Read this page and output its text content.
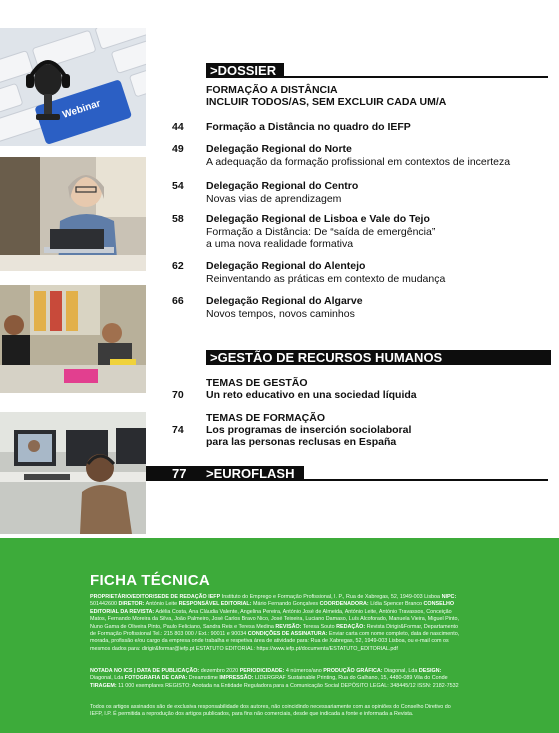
Webinar
>DOSSIER
FORMAÇÃO A DISTÂNCIA
INCLUIR TODOS/AS, SEM EXCLUIR CADA UM/A
44 Formação a Distância no quadro do IEFP
49 Delegação Regional do Norte
A adequação da formação profissional em contextos de incerteza
54 Delegação Regional do Centro
Novas vias de aprendizagem
58 Delegação Regional de Lisboa e Vale do Tejo
Formação a Distância: De “saída de emergência”
a uma nova realidade formativa
62 Delegação Regional do Alentejo
Reinventando as práticas em contexto de mudança
66 Delegação Regional do Algarve
Novos tempos, novos caminhos
>GESTÃO DE RECURSOS HUMANOS
TEMAS DE GESTÃO
70 Un reto educativo en una sociedad líquida
TEMAS DE FORMAÇÃO
74 Los programas de inserción sociolaboral
para las personas reclusas en España
77 >EUROFLASH
FICHA TÉCNICA
PROPRIETÁRIO/EDITOR/SEDE DE REDAÇÃO IEFP Instituto do Emprego e Formação Profissional, I. P., Rua de Xabregas, 52, 1949-003 Lisboa NIPC: 501442600 DIRETOR: António Leite RESPONSÁVEL EDITORIAL: Mário Fernando Gonçalves COORDENADORA: Lídia Spencer Branco CONSELHO EDITORIAL DA REVISTA: Adélia Costa, Ana Cláudia Valente, Angelina Pereira, António José de Almeida, António Leite, António Travassos, Conceição Matos, Fernando Moreira da Silva, João Palmeiro, José Carlos Bravo Nico, José Teixeira, Luciano Damaso, Luís Alcoforado, Manuela Vieira, Miguel Pinto, Nuno Gama de Oliveira Pinto, Paulo Feliciano, Sandra Reis e Teresa Medina REVISÃO: Teresa Souto REDAÇÃO: Revista Dirigir&Formar, Departamento de Formação Profissional Tel.: 215 803 000 / Ext.: 90011 e 90034 CONDIÇÕES DE ASSINATURA: Enviar carta com nome completo, data de nascimento, morada, profissão e/ou cargo da empresa onde trabalha e respetiva área de atividade para: Rua de Xabregas, 52, 1949-003 Lisboa, ou e-mail com os mesmos dados para: dirigir&formar@iefp.pt ESTATUTO EDITORIAL: https://www.iefp.pt/documents/ESTATUTO_EDITORIAL.pdf
NOTADA NO ICS | DATA DE PUBLICAÇÃO: dezembro 2020 PERIODICIDADE: 4 números/ano PRODUÇÃO GRÁFICA: Diagonal, Lda DESIGN: Diagonal, Lda FOTOGRAFIA DE CAPA: Dreamstime IMPRESSÃO: LIDERGRAF Sustainable Printing, Rua do Galhano, 15, 4480-089 Vila do Conde TIRAGEM: 11 000 exemplares REGISTO: Anotada na Entidade Reguladora para a Comunicação Social DEPÓSITO LEGAL: 348445/12 ISSN: 2182-7532
Todos os artigos assinados são de exclusiva responsabilidade dos autores, não coincidindo necessariamente com as opiniões do Conselho Diretivo do IEFP, I.P. É permitida a reprodução dos artigos publicados, para fins não comerciais, desde que indicada a fonte e informada a Revista.
